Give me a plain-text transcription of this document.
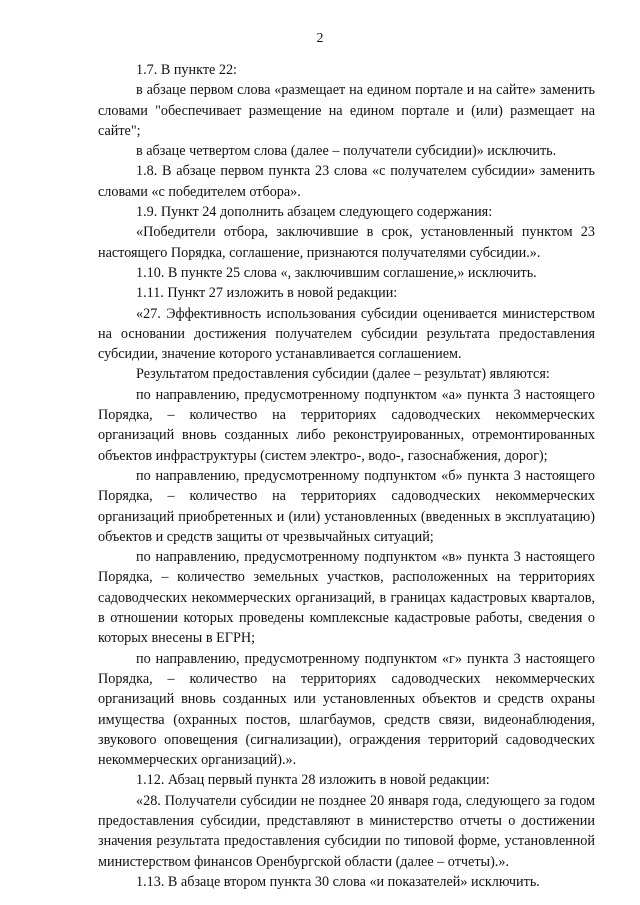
2

1.7. В пункте 22:

в абзаце первом слова «размещает на едином портале и на сайте» заменить словами "обеспечивает размещение на едином портале и (или) размещает на сайте";

в абзаце четвертом слова (далее – получатели субсидии)» исключить.

1.8. В абзаце первом пункта 23 слова «с получателем субсидии» заменить словами «с победителем отбора».

1.9. Пункт 24 дополнить абзацем следующего содержания:

«Победители отбора, заключившие в срок, установленный пунктом 23 настоящего Порядка, соглашение, признаются получателями субсидии.».

1.10. В пункте 25 слова «, заключившим соглашение,» исключить.

1.11. Пункт 27 изложить в новой редакции:

«27. Эффективность использования субсидии оценивается министерством на основании достижения получателем субсидии результата предоставления субсидии, значение которого устанавливается соглашением.

Результатом предоставления субсидии (далее – результат) являются:

по направлению, предусмотренному подпунктом «а» пункта 3 настоящего Порядка, – количество на территориях садоводческих некоммерческих организаций вновь созданных либо реконструированных, отремонтированных объектов инфраструктуры (систем электро-, водо-, газоснабжения, дорог);

по направлению, предусмотренному подпунктом «б» пункта 3 настоящего Порядка, – количество на территориях садоводческих некоммерческих организаций приобретенных и (или) установленных (введенных в эксплуатацию) объектов и средств защиты от чрезвычайных ситуаций;

по направлению, предусмотренному подпунктом «в» пункта 3 настоящего Порядка, – количество земельных участков, расположенных на территориях садоводческих некоммерческих организаций, в границах кадастровых кварталов, в отношении которых проведены комплексные кадастровые работы, сведения о которых внесены в ЕГРН;

по направлению, предусмотренному подпунктом «г» пункта 3 настоящего Порядка, – количество на территориях садоводческих некоммерческих организаций вновь созданных или установленных объектов и средств охраны имущества (охранных постов, шлагбаумов, средств связи, видеонаблюдения, звукового оповещения (сигнализации), ограждения территорий садоводческих некоммерческих организаций).».

1.12. Абзац первый пункта 28 изложить в новой редакции:

«28. Получатели субсидии не позднее 20 января года, следующего за годом предоставления субсидии, представляют в министерство отчеты о достижении значения результата предоставления субсидии по типовой форме, установленной министерством финансов Оренбургской области (далее – отчеты).».

1.13. В абзаце втором пункта 30 слова «и показателей» исключить.
